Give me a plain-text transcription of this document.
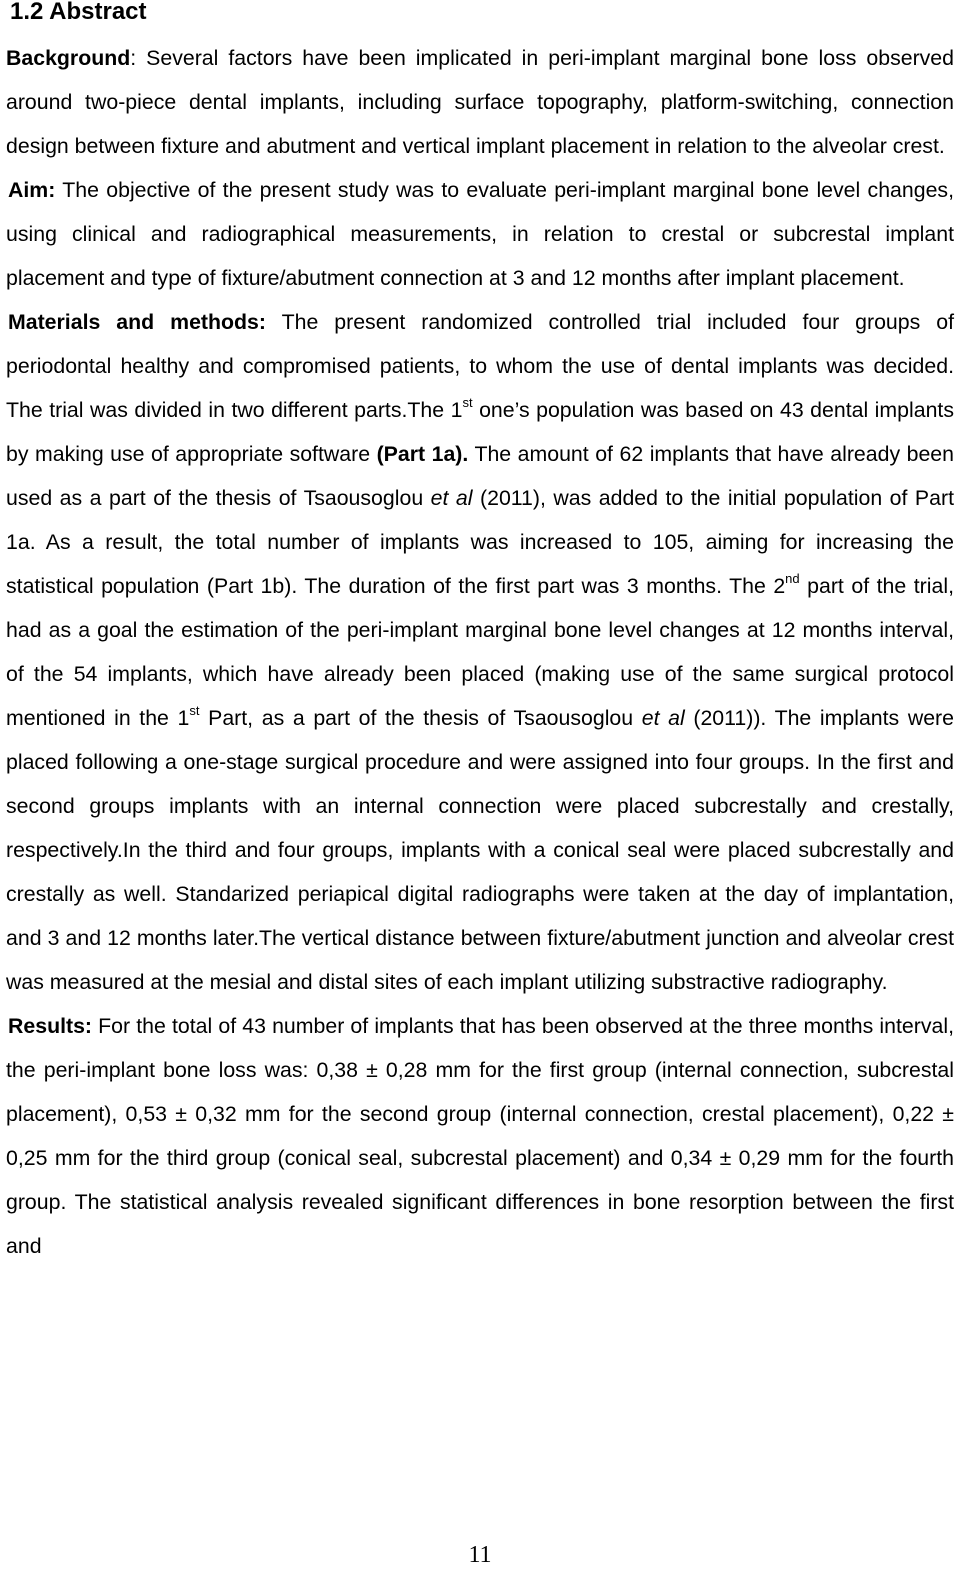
1.2 Abstract

Background: Several factors have been implicated in peri-implant marginal bone loss observed around two-piece dental implants, including surface topography, platform-switching, connection design between fixture and abutment and vertical implant placement in relation to the alveolar crest.

Aim: The objective of the present study was to evaluate peri-implant marginal bone level changes, using clinical and radiographical measurements, in relation to crestal or subcrestal implant placement and type of fixture/abutment connection at 3 and 12 months after implant placement.

Materials and methods: The present randomized controlled trial included four groups of periodontal healthy and compromised patients, to whom the use of dental implants was decided. The trial was divided in two different parts.The 1st one’s population was based on 43 dental implants by making use of appropriate software (Part 1a). The amount of 62 implants that have already been used as a part of the thesis of Tsaousoglou et al (2011), was added to the initial population of Part 1a. As a result, the total number of implants was increased to 105, aiming for increasing the statistical population (Part 1b). The duration of the first part was 3 months. The 2nd part of the trial, had as a goal the estimation of the peri-implant marginal bone level changes at 12 months interval, of the 54 implants, which have already been placed (making use of the same surgical protocol mentioned in the 1st Part, as a part of the thesis of Tsaousoglou et al (2011)). The implants were placed following a one-stage surgical procedure and were assigned into four groups. In the first and second groups implants with an internal connection were placed subcrestally and crestally, respectively.In the third and four groups, implants with a conical seal were placed subcrestally and crestally as well. Standarized periapical digital radiographs were taken at the day of implantation, and 3 and 12 months later.The vertical distance between fixture/abutment junction and alveolar crest was measured at the mesial and distal sites of each implant utilizing substractive radiography.

Results: For the total of 43 number of implants that has been observed at the three months interval, the peri-implant bone loss was: 0,38 ± 0,28 mm for the first group (internal connection, subcrestal placement), 0,53 ± 0,32 mm for the second group (internal connection, crestal placement), 0,22 ± 0,25 mm for the third group (conical seal, subcrestal placement) and 0,34 ± 0,29 mm for the fourth group. The statistical analysis revealed significant differences in bone resorption between the first and

11
